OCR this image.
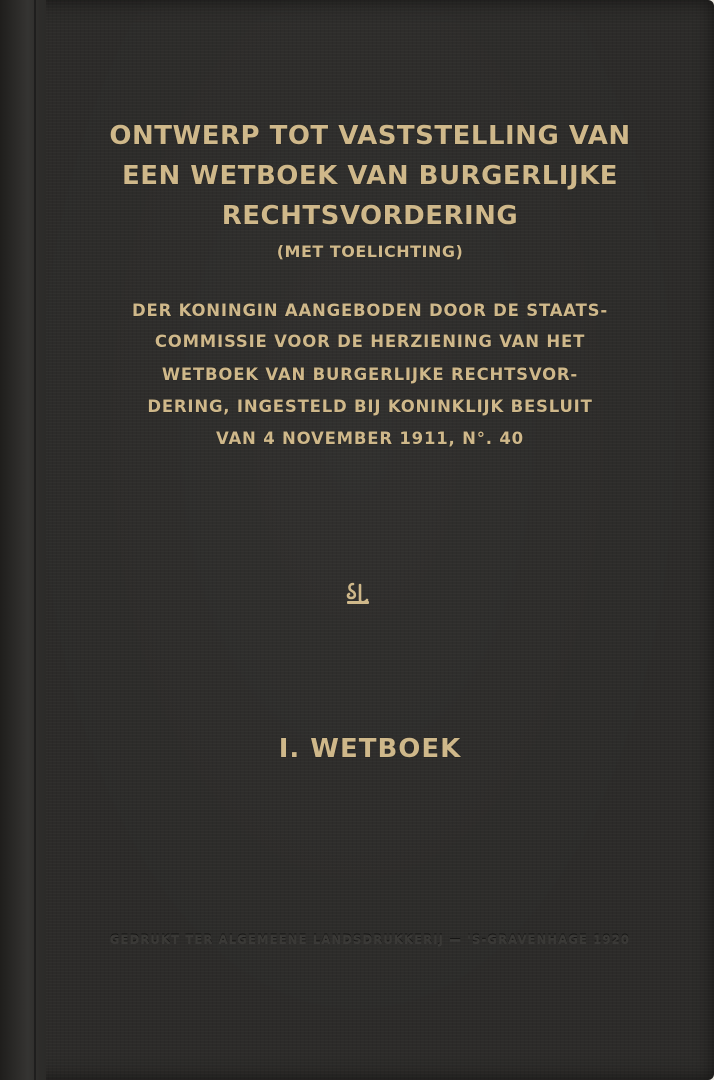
ONTWERP TOT VASTSTELLING VAN
EEN WETBOEK VAN BURGERLIJKE
RECHTSVORDERING
(MET TOELICHTING)
DER KONINGIN AANGEBODEN DOOR DE STAATS-
COMMISSIE VOOR DE HERZIENING VAN HET
WETBOEK VAN BURGERLIJKE RECHTSVOR-
DERING, INGESTELD BIJ KONINKLIJK BESLUIT
VAN 4 NOVEMBER 1911, N°. 40
I. WETBOEK
GEDRUKT TER ALGEMEENE LANDSDRUKKERIJ — 'S-GRAVENHAGE 1920
